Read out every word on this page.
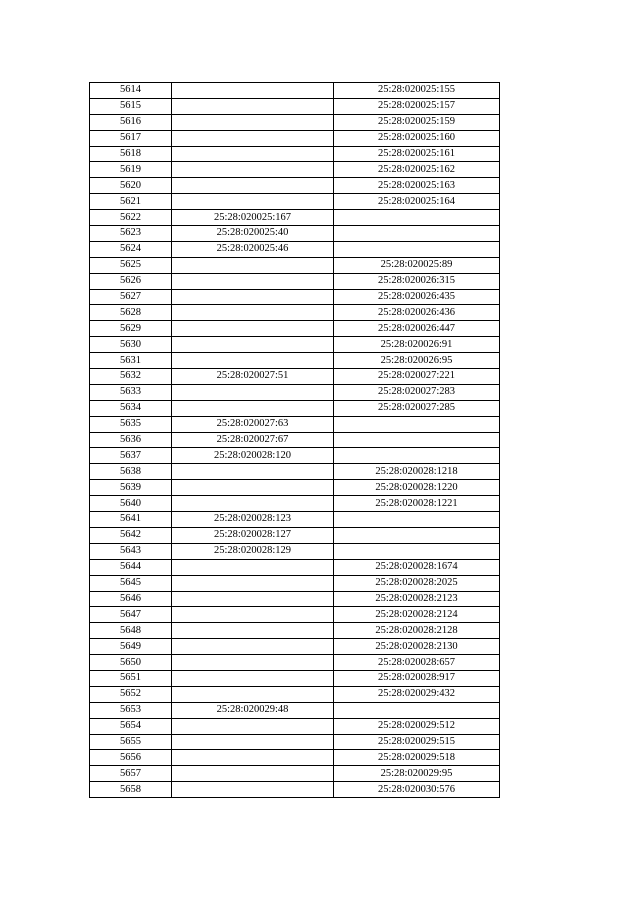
5614		25:28:020025:155
5615		25:28:020025:157
5616		25:28:020025:159
5617		25:28:020025:160
5618		25:28:020025:161
5619		25:28:020025:162
5620		25:28:020025:163
5621		25:28:020025:164
5622	25:28:020025:167	
5623	25:28:020025:40	
5624	25:28:020025:46	
5625		25:28:020025:89
5626		25:28:020026:315
5627		25:28:020026:435
5628		25:28:020026:436
5629		25:28:020026:447
5630		25:28:020026:91
5631		25:28:020026:95
5632	25:28:020027:51	25:28:020027:221
5633		25:28:020027:283
5634		25:28:020027:285
5635	25:28:020027:63	
5636	25:28:020027:67	
5637	25:28:020028:120	
5638		25:28:020028:1218
5639		25:28:020028:1220
5640		25:28:020028:1221
5641	25:28:020028:123	
5642	25:28:020028:127	
5643	25:28:020028:129	
5644		25:28:020028:1674
5645		25:28:020028:2025
5646		25:28:020028:2123
5647		25:28:020028:2124
5648		25:28:020028:2128
5649		25:28:020028:2130
5650		25:28:020028:657
5651		25:28:020028:917
5652		25:28:020029:432
5653	25:28:020029:48	
5654		25:28:020029:512
5655		25:28:020029:515
5656		25:28:020029:518
5657		25:28:020029:95
5658		25:28:020030:576
